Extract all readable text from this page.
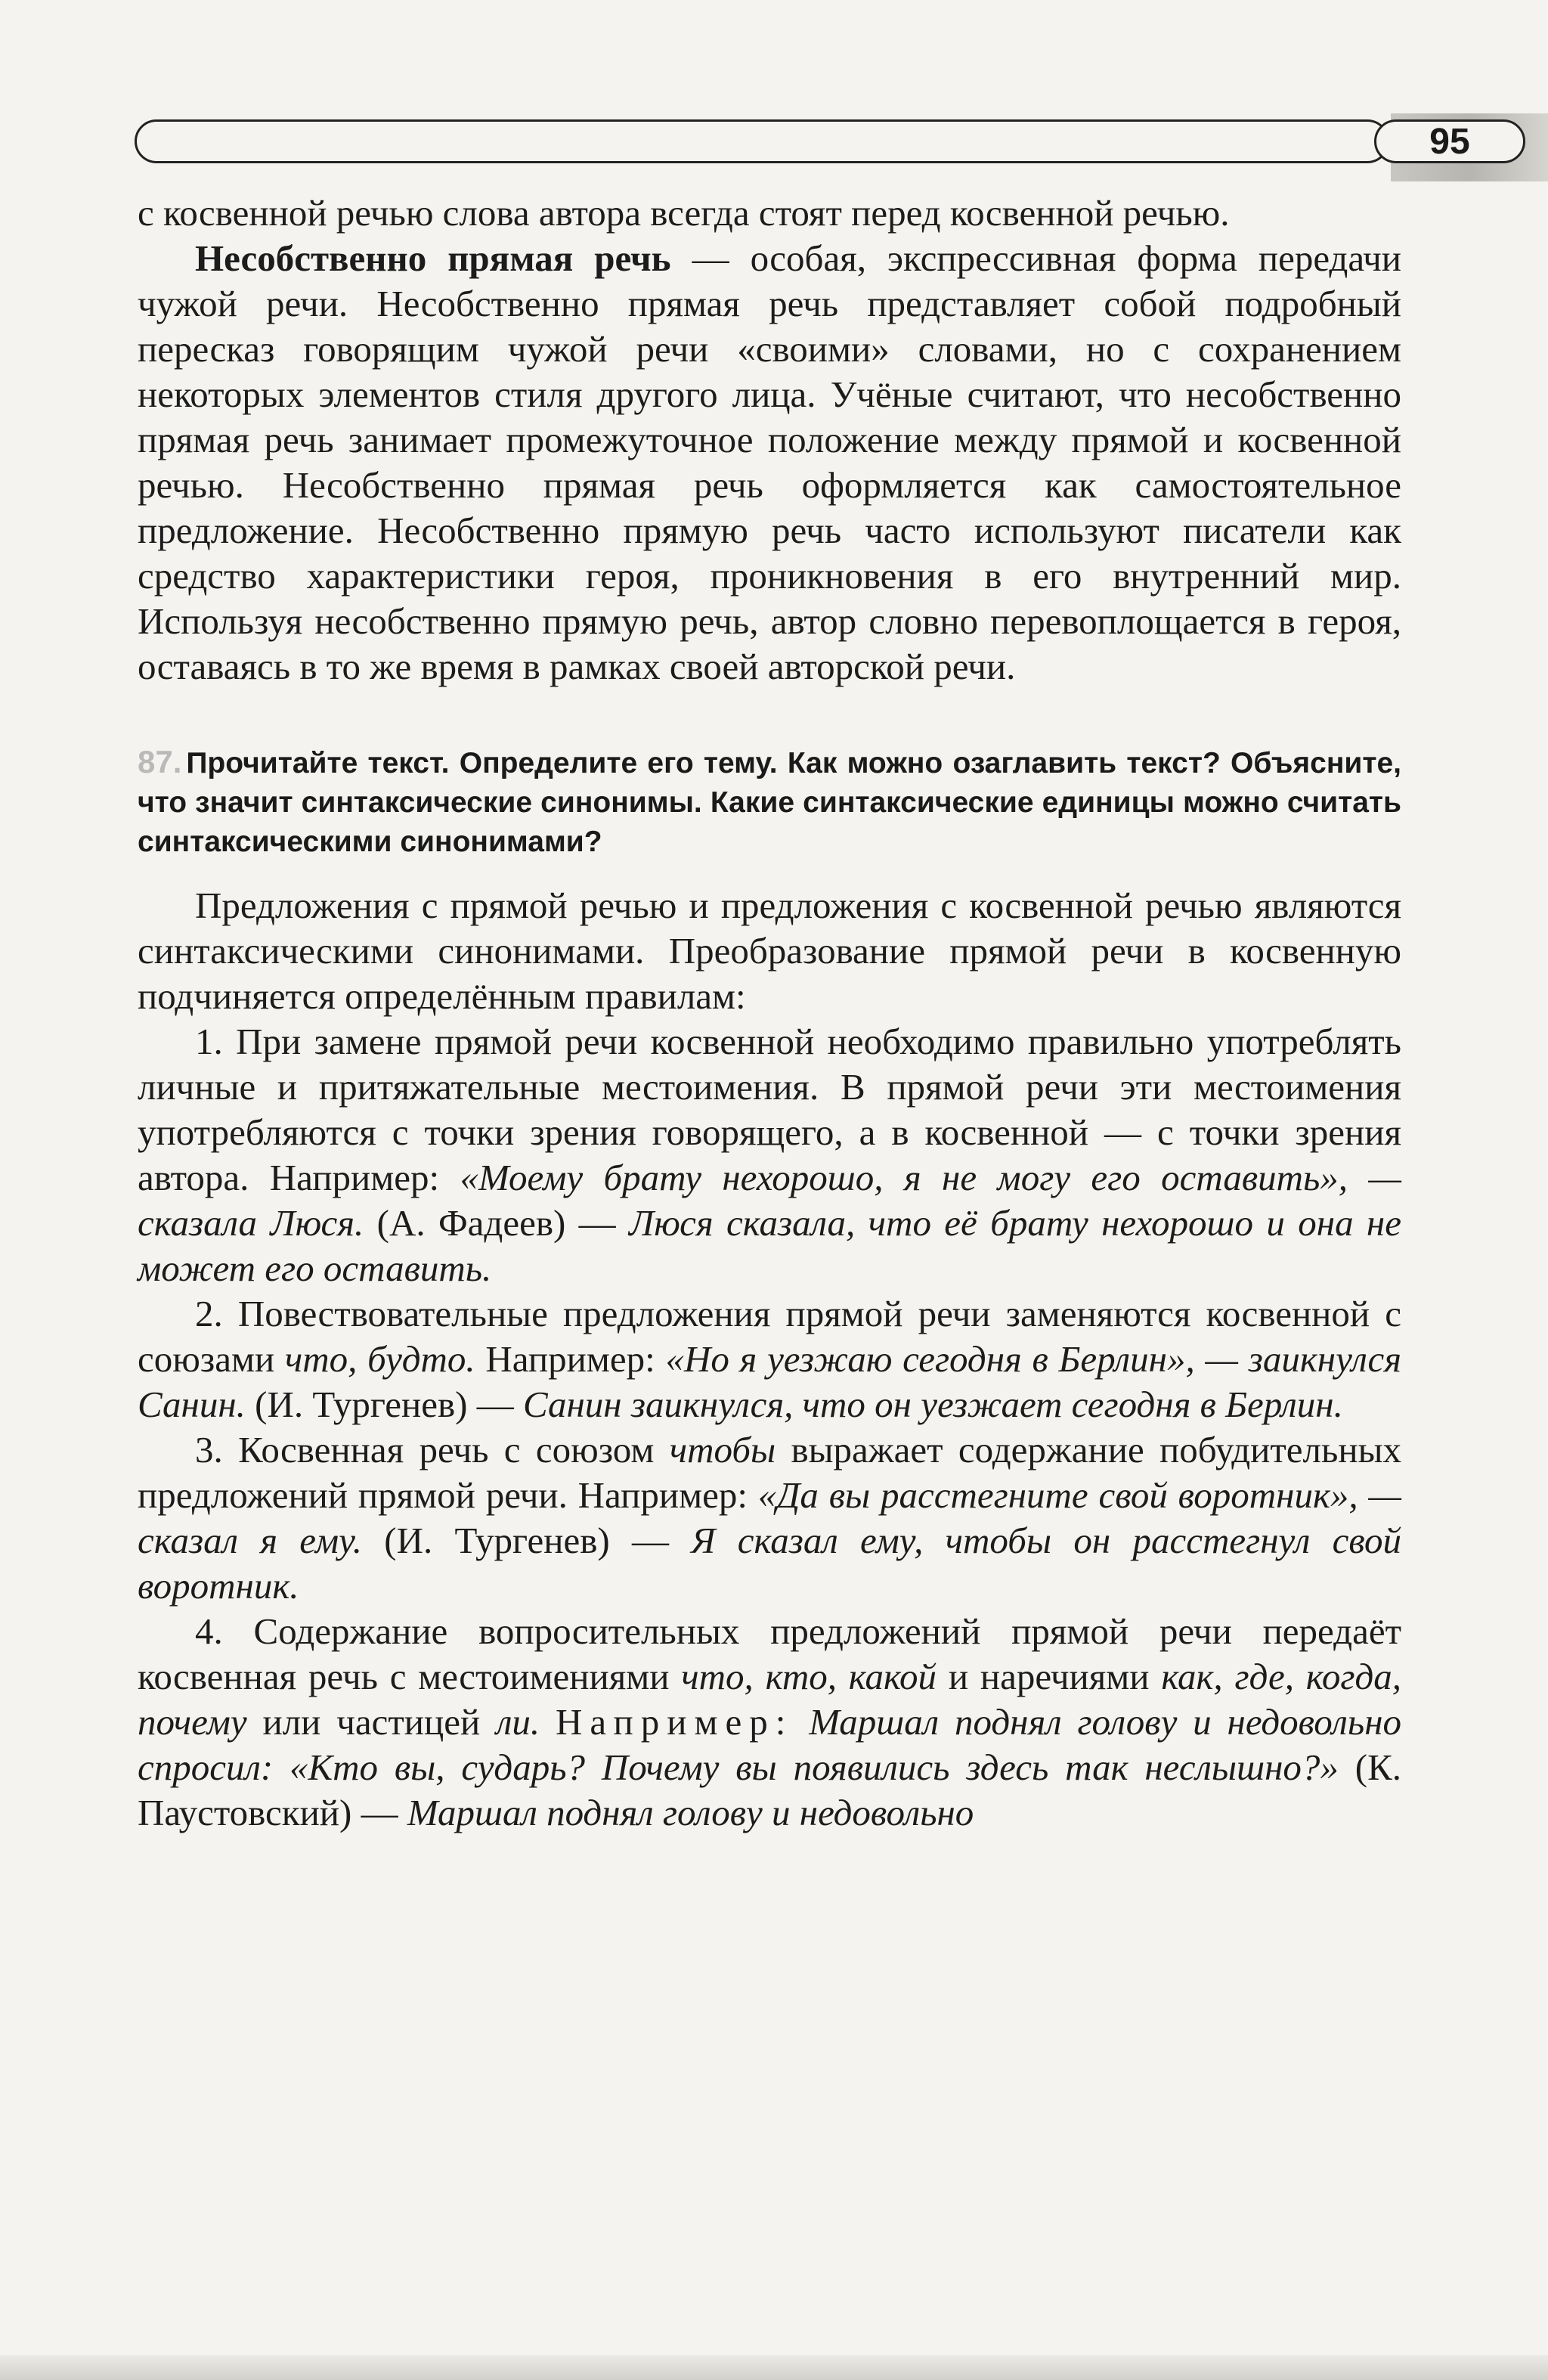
95

с косвенной речью слова автора всегда стоят перед косвенной речью.

Несобственно прямая речь — особая, экспрессивная форма передачи чужой речи. Несобственно прямая речь представляет собой подробный пересказ говорящим чужой речи «своими» словами, но с сохранением некоторых элементов стиля другого лица. Учёные считают, что несобственно прямая речь занимает промежуточное положение между прямой и косвенной речью. Несобственно прямая речь оформляется как самостоятельное предложение. Несобственно прямую речь часто используют писатели как средство характеристики героя, проникновения в его внутренний мир. Используя несобственно прямую речь, автор словно перевоплощается в героя, оставаясь в то же время в рамках своей авторской речи.

87. Прочитайте текст. Определите его тему. Как можно озаглавить текст? Объясните, что значит синтаксические синонимы. Какие синтаксические единицы можно считать синтаксическими синонимами?

Предложения с прямой речью и предложения с косвенной речью являются синтаксическими синонимами. Преобразование прямой речи в косвенную подчиняется определённым правилам:

1. При замене прямой речи косвенной необходимо правильно употреблять личные и притяжательные местоимения. В прямой речи эти местоимения употребляются с точки зрения говорящего, а в косвенной — с точки зрения автора. Например: «Моему брату нехорошо, я не могу его оставить», — сказала Люся. (А. Фадеев) — Люся сказала, что её брату нехорошо и она не может его оставить.

2. Повествовательные предложения прямой речи заменяются косвенной с союзами что, будто. Например: «Но я уезжаю сегодня в Берлин», — заикнулся Санин. (И. Тургенев) — Санин заикнулся, что он уезжает сегодня в Берлин.

3. Косвенная речь с союзом чтобы выражает содержание побудительных предложений прямой речи. Например: «Да вы расстегните свой воротник», — сказал я ему. (И. Тургенев) — Я сказал ему, чтобы он расстегнул свой воротник.

4. Содержание вопросительных предложений прямой речи передаёт косвенная речь с местоимениями что, кто, какой и наречиями как, где, когда, почему или частицей ли. Например: Маршал поднял голову и недовольно спросил: «Кто вы, сударь? Почему вы появились здесь так неслышно?» (К. Паустовский) — Маршал поднял голову и недовольно
